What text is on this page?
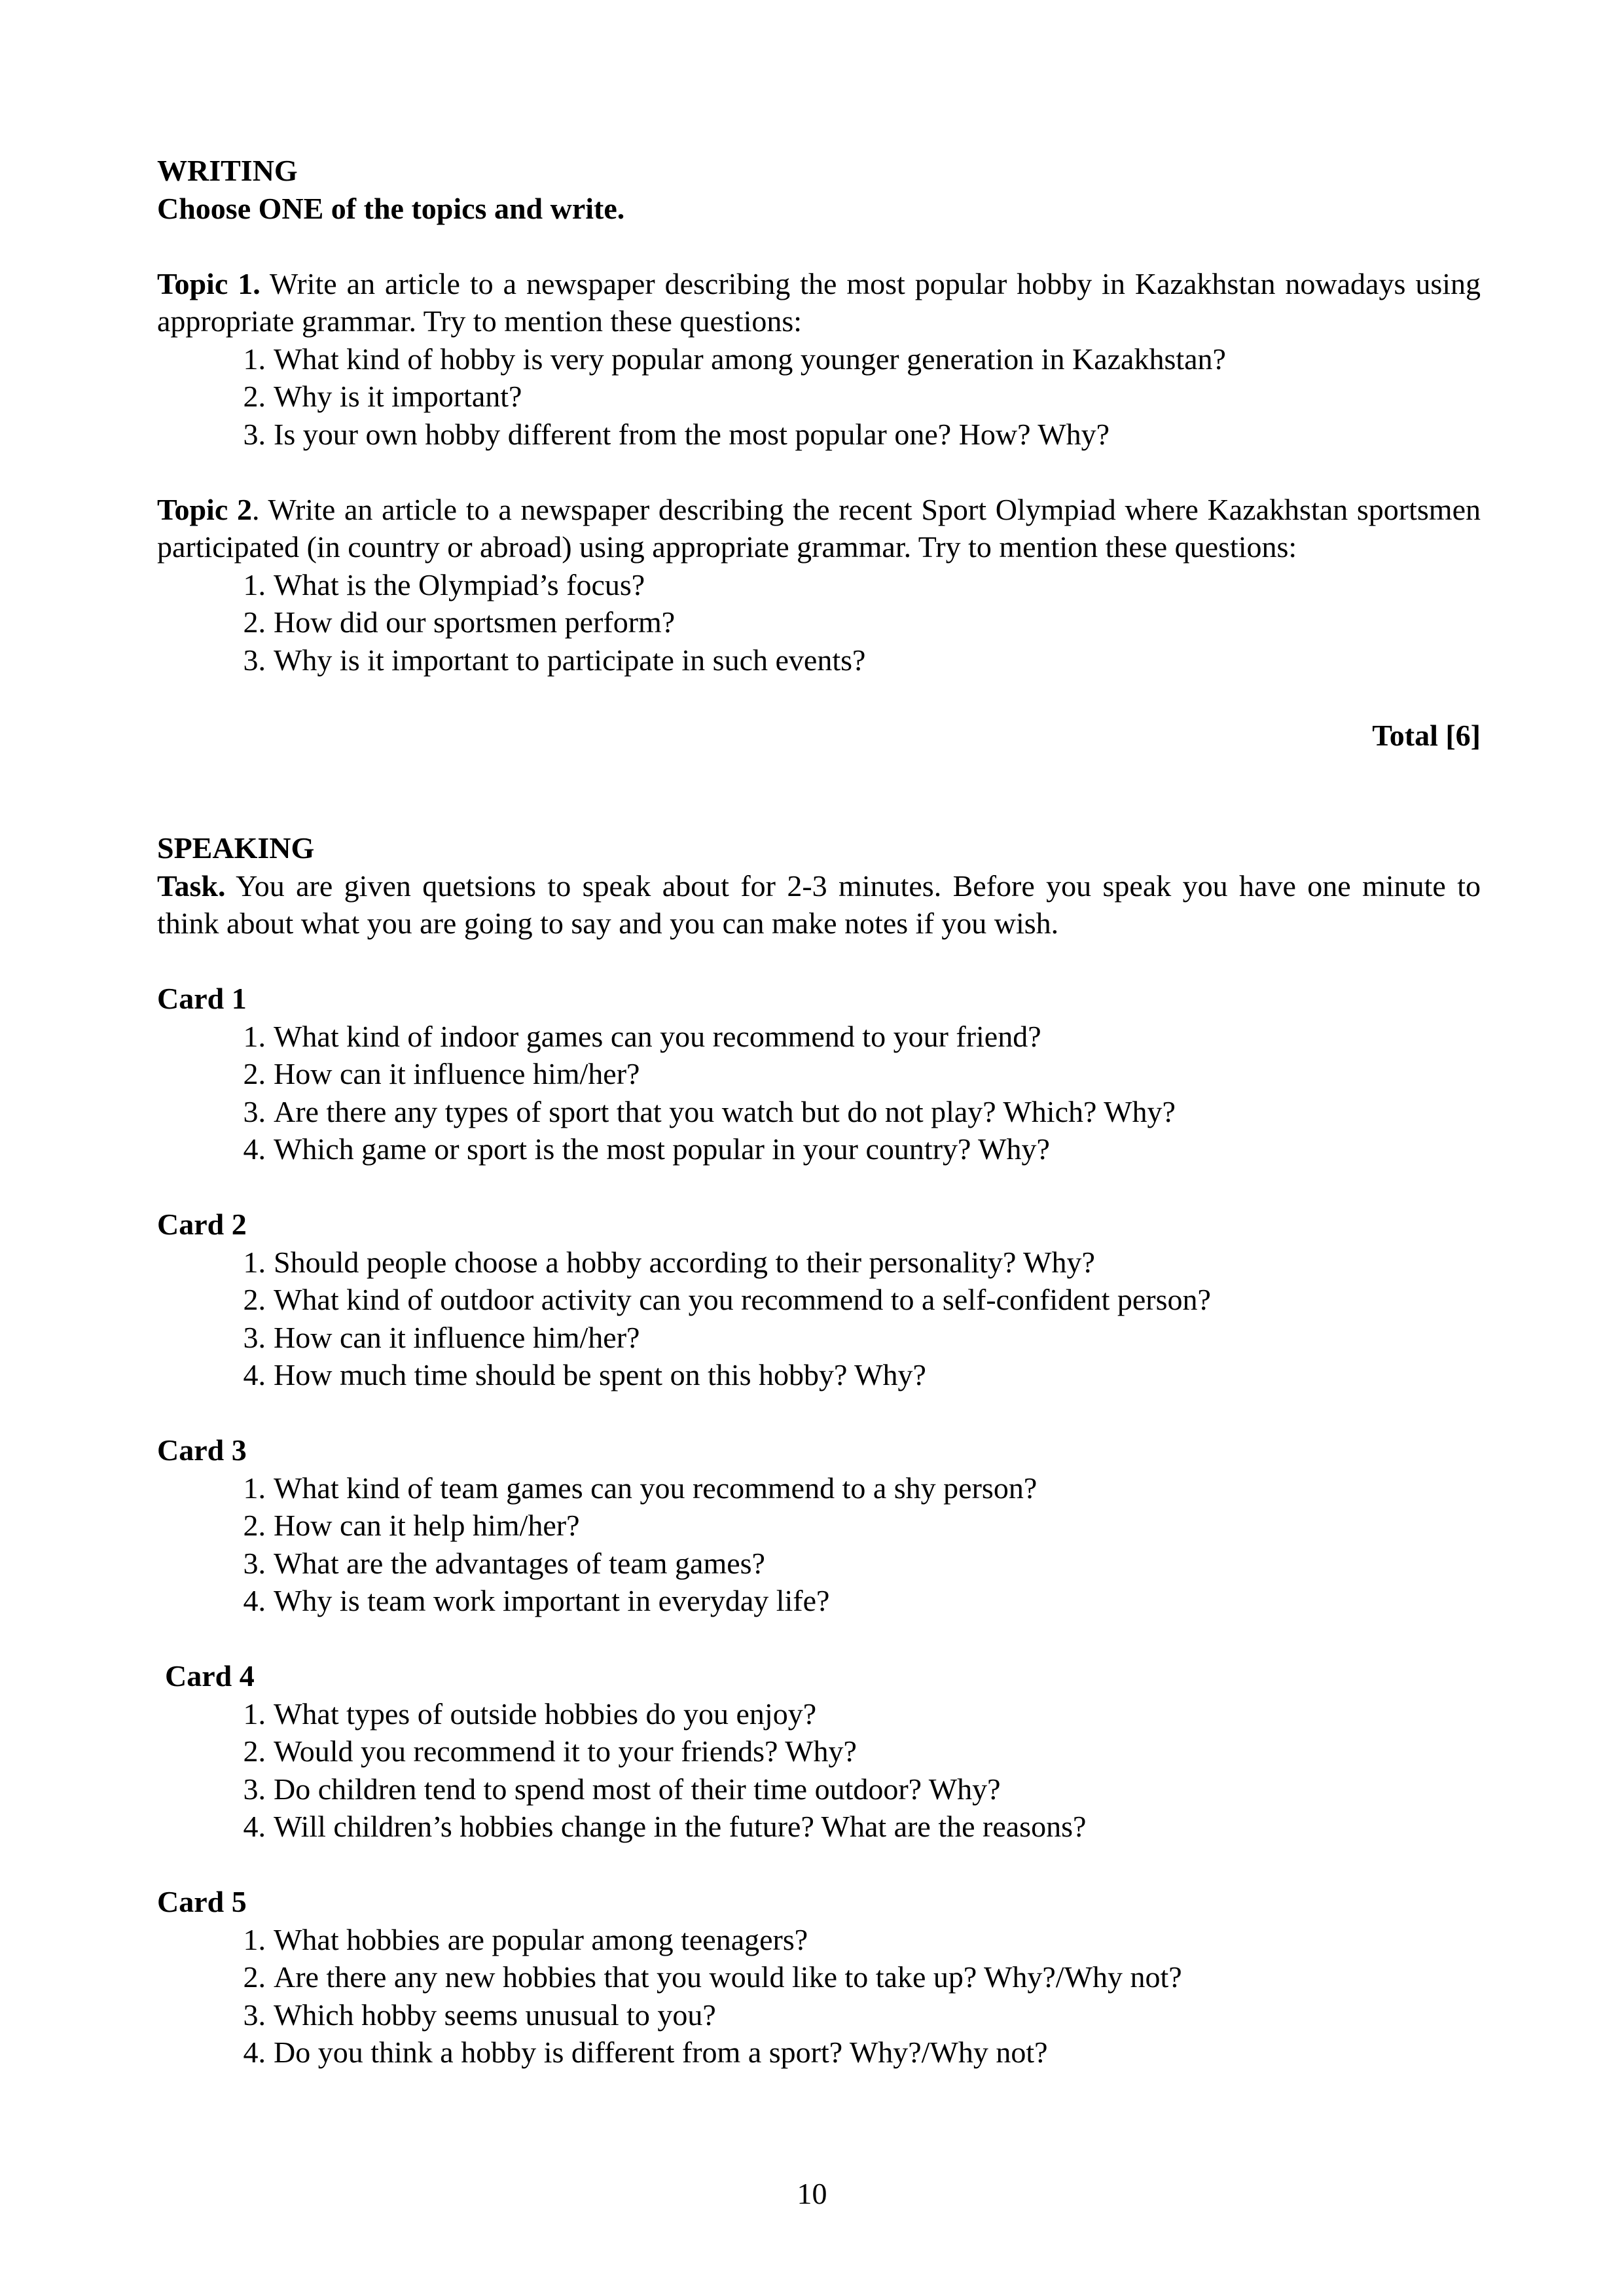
WRITING
Choose ONE of the topics and write.
Topic 1. Write an article to a newspaper describing the most popular hobby in Kazakhstan nowadays using appropriate grammar. Try to mention these questions:
1. What kind of hobby is very popular among younger generation in Kazakhstan?
2. Why is it important?
3. Is your own hobby different from the most popular one? How? Why?
Topic 2. Write an article to a newspaper describing the recent Sport Olympiad where Kazakhstan sportsmen participated (in country or abroad) using appropriate grammar. Try to mention these questions:
1. What is the Olympiad’s focus?
2. How did our sportsmen perform?
3. Why is it important to participate in such events?
Total [6]
SPEAKING
Task. You are given quetsions to speak about for 2-3 minutes. Before you speak you have one minute to think about what you are going to say and you can make notes if you wish.
Card 1
1. What kind of indoor games can you recommend to your friend?
2. How can it influence him/her?
3. Are there any types of sport that you watch but do not play? Which? Why?
4. Which game or sport is the most popular in your country? Why?
Card 2
1. Should people choose a hobby according to their personality? Why?
2. What kind of outdoor activity can you recommend to a self-confident person?
3. How can it influence him/her?
4. How much time should be spent on this hobby? Why?
Card 3
1. What kind of team games can you recommend to a shy person?
2. How can it help him/her?
3. What are the advantages of team games?
4. Why is team work important in everyday life?
Card 4
1. What types of outside hobbies do you enjoy?
2. Would you recommend it to your friends? Why?
3. Do children tend to spend most of their time outdoor? Why?
4. Will children’s hobbies change in the future? What are the reasons?
Card 5
1. What hobbies are popular among teenagers?
2. Are there any new hobbies that you would like to take up? Why?/Why not?
3. Which hobby seems unusual to you?
4. Do you think a hobby is different from a sport? Why?/Why not?
10
